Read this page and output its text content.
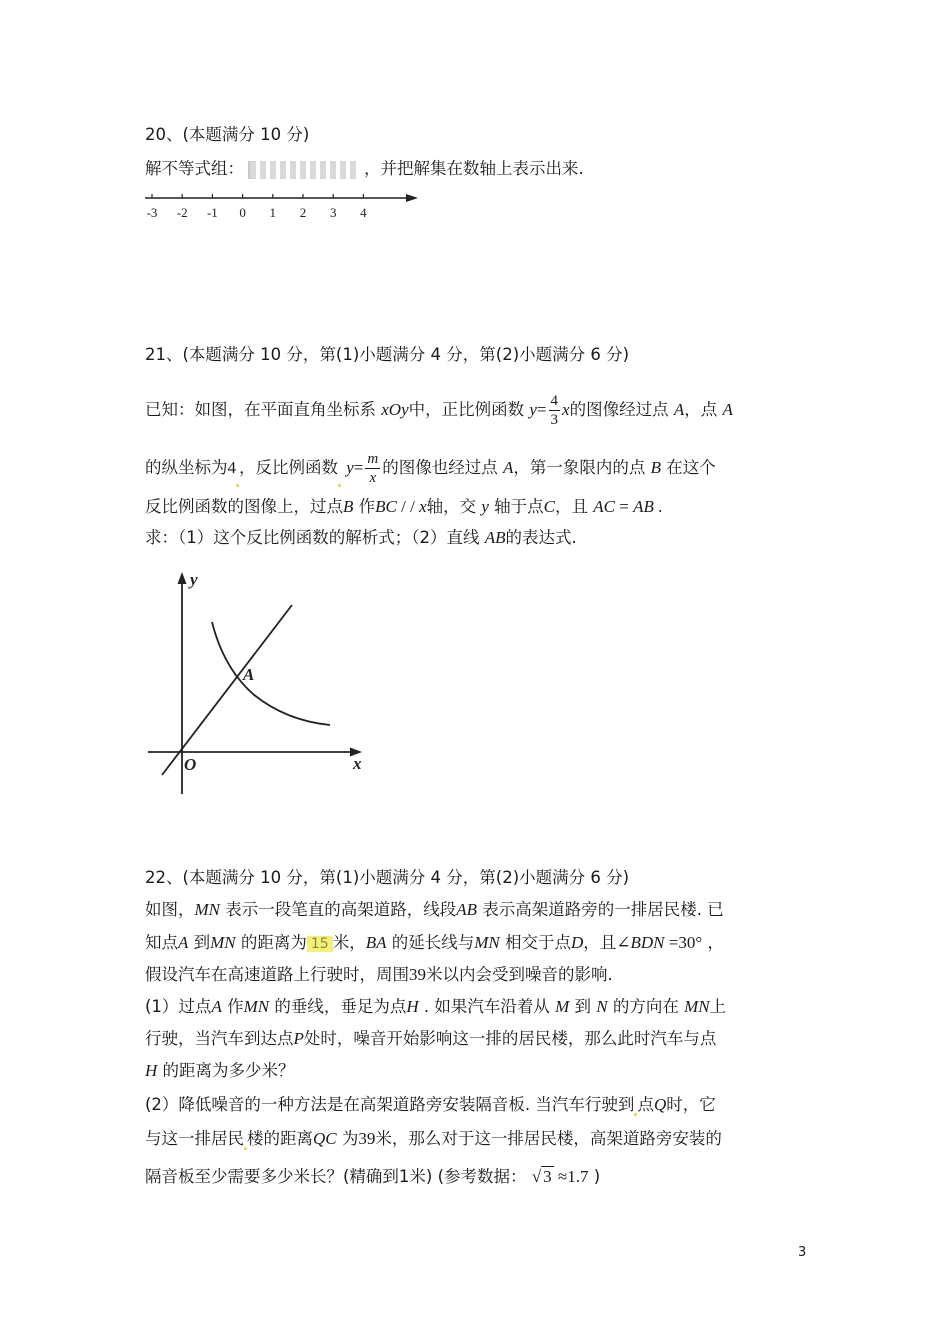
20、(本题满分 10 分)
解不等式组：	，并把解集在数轴上表示出来.
-3 -2 -1 0 1 2 3 4
21、(本题满分 10 分，第(1)小题满分 4 分，第(2)小题满分 6 分)
已知：如图，在平面直角坐标系 xOy中，正比例函数 $y= \frac{4}{3}$ x的图像经过点 A，点 A
的纵坐标为4 ，反比例函数 $y= \frac{m}{x}$ 的图像也经过点 A，第一象限内的点 B 在这个
反比例函数的图像上，过点B 作BC / / x轴，交 y 轴于点C，且 AC = AB .
求：（1）这个反比例函数的解析式；（2）直线 AB的表达式.
y
x
O
A
22、(本题满分 10 分，第(1)小题满分 4 分，第(2)小题满分 6 分)
如图，MN 表示一段笔直的高架道路，线段AB 表示高架道路旁的一排居民楼. 已
知点A 到MN 的距离为 15 米，BA 的延长线与MN 相交于点D，且∠BDN =30° ，
假设汽车在高速道路上行驶时，周围39米以内会受到噪音的影响.
(1）过点A 作MN 的垂线，垂足为点H . 如果汽车沿着从 M 到 N 的方向在 MN上
行驶，当汽车到达点P处时，噪音开始影响这一排的居民楼，那么此时汽车与点
H 的距离为多少米？
(2）降低噪音的一种方法是在高架道路旁安装隔音板. 当汽车行驶到 点Q时，它
与这一排居民 楼的距离QC 为39米，那么对于这一排居民楼，高架道路旁安装的
隔音板至少需要多少米长？(精确到1米) (参考数据： √ 3 ≈1.7 )
3
